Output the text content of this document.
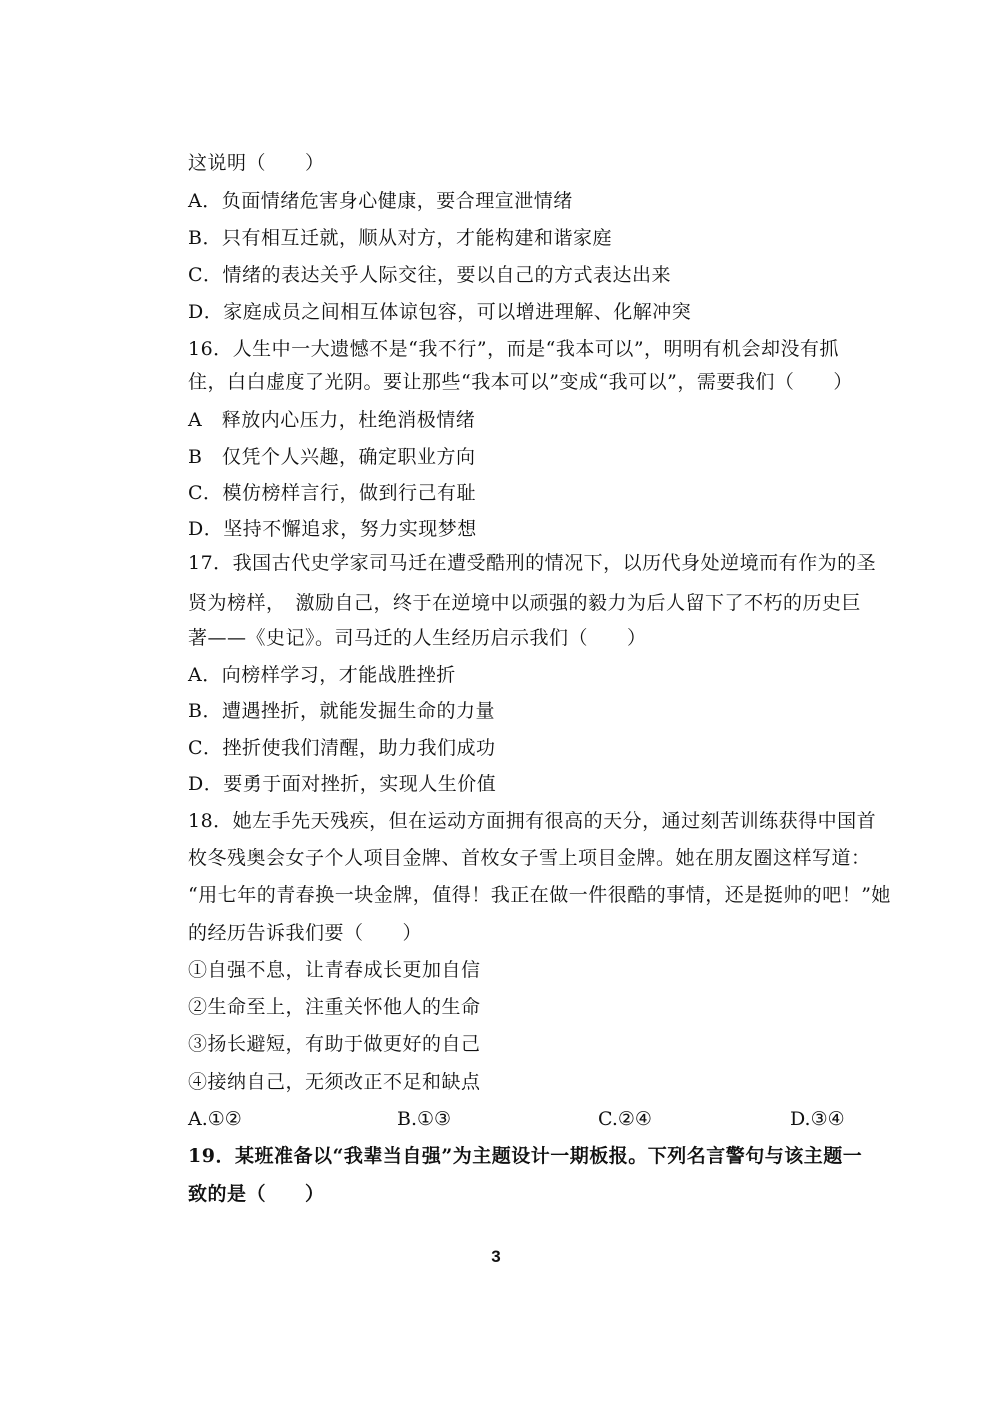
这说明（　　）
A．负面情绪危害身心健康，要合理宣泄情绪
B．只有相互迁就，顺从对方，才能构建和谐家庭
C．情绪的表达关乎人际交往，要以自己的方式表达出来
D．家庭成员之间相互体谅包容，可以增进理解、化解冲突
16．人生中一大遗憾不是“我不行”，而是“我本可以”，明明有机会却没有抓
住，白白虚度了光阴。要让那些“我本可以”变成“我可以”，需要我们（　　）
A　释放内心压力，杜绝消极情绪
B　仅凭个人兴趣，确定职业方向
C．模仿榜样言行，做到行己有耻
D．坚持不懈追求，努力实现梦想
17．我国古代史学家司马迁在遭受酷刑的情况下，以历代身处逆境而有作为的圣
贤为榜样，　激励自己，终于在逆境中以顽强的毅力为后人留下了不朽的历史巨
著——《史记》。司马迁的人生经历启示我们（　　）
A．向榜样学习，才能战胜挫折
B．遭遇挫折，就能发掘生命的力量
C．挫折使我们清醒，助力我们成功
D．要勇于面对挫折，实现人生价值
18．她左手先天残疾，但在运动方面拥有很高的天分，通过刻苦训练获得中国首
枚冬残奥会女子个人项目金牌、首枚女子雪上项目金牌。她在朋友圈这样写道：
“用七年的青春换一块金牌，值得！我正在做一件很酷的事情，还是挺帅的吧！”她
的经历告诉我们要（　　）
①自强不息，让青春成长更加自信
②生命至上，注重关怀他人的生命
③扬长避短，有助于做更好的自己
④接纳自己，无须改正不足和缺点
A.①②	B.①③	C.②④	D.③④
19．某班准备以“我辈当自强”为主题设计一期板报。下列名言警句与该主题一
致的是（　　）
3
